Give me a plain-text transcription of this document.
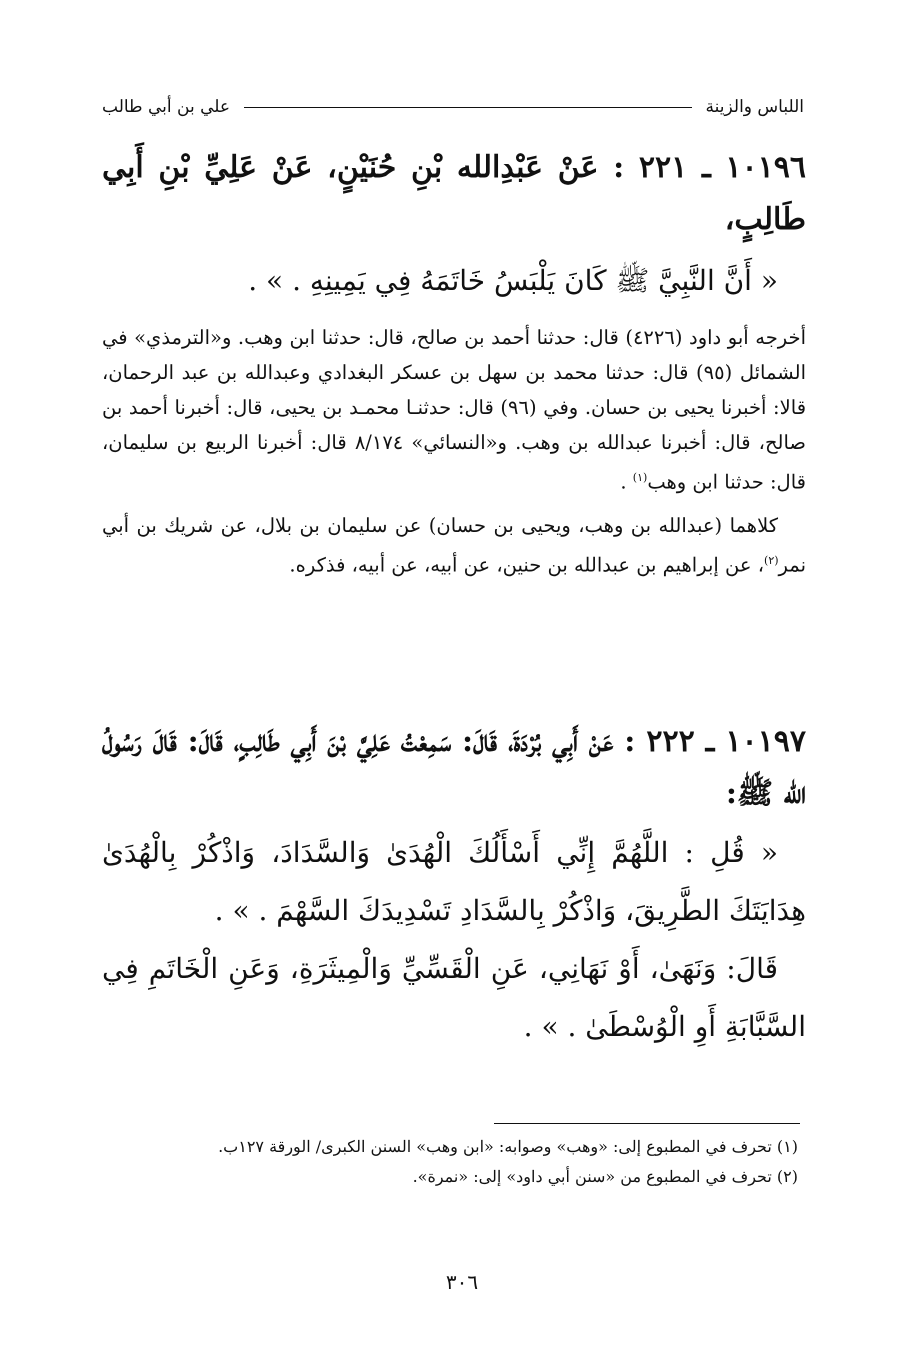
اللباس والزينة
علي بن أبي طالب

١٠١٩٦ ـ ٢٢١ : عَنْ عَبْدِالله بْنِ حُنَيْنٍ، عَنْ عَلِيِّ بْنِ أَبِي طَالِبٍ،

« أَنَّ النَّبِيَّ ﷺ كَانَ يَلْبَسُ خَاتَمَهُ فِي يَمِينِهِ . » .

أخرجه أبو داود (٤٢٢٦) قال: حدثنا أحمد بن صالح، قال: حدثنا ابن وهب. و«الترمذي» في الشمائل (٩٥) قال: حدثنا محمد بن سهل بن عسكر البغدادي وعبدالله بن عبد الرحمان، قالا: أخبرنا يحيى بن حسان. وفي (٩٦) قال: حدثنـا محمـد بن يحيى، قال: أخبرنا أحمد بن صالح، قال: أخبرنا عبدالله بن وهب. و«النسائي» ٨/١٧٤ قال: أخبرنا الربيع بن سليمان، قال: حدثنا ابن وهب$^{(١)}$ .

كلاهما (عبدالله بن وهب، ويحيى بن حسان) عن سليمان بن بلال، عن شريك بن أبي نمر$^{(٢)}$، عن إبراهيم بن عبدالله بن حنين، عن أبيه، عن أبيه، فذكره.

١٠١٩٧ ـ ٢٢٢ : عَنْ أَبِي بُرْدَةَ، قَالَ: سَمِعْتُ عَلِيَّ بْنَ أَبِي طَالِبٍ، قَالَ: قَالَ رَسُولُ الله ﷺ:

« قُلِ : اللَّهُمَّ إِنِّي أَسْأَلُكَ الْهُدَىٰ وَالسَّدَادَ، وَاذْكُرْ بِالْهُدَىٰ هِدَايَتَكَ الطَّرِيقَ، وَاذْكُرْ بِالسَّدَادِ تَسْدِيدَكَ السَّهْمَ . » .

قَالَ: وَنَهَىٰ، أَوْ نَهَانِي، عَنِ الْقَسِّيِّ وَالْمِيثَرَةِ، وَعَنِ الْخَاتَمِ فِي السَّبَّابَةِ أَوِ الْوُسْطَىٰ . » .

(١) تحرف في المطبوع إلى: «وهب» وصوابه: «ابن وهب» السنن الكبرى/ الورقة ١٢٧ب.

(٢) تحرف في المطبوع من «سنن أبي داود» إلى: «نمرة».

٣٠٦
